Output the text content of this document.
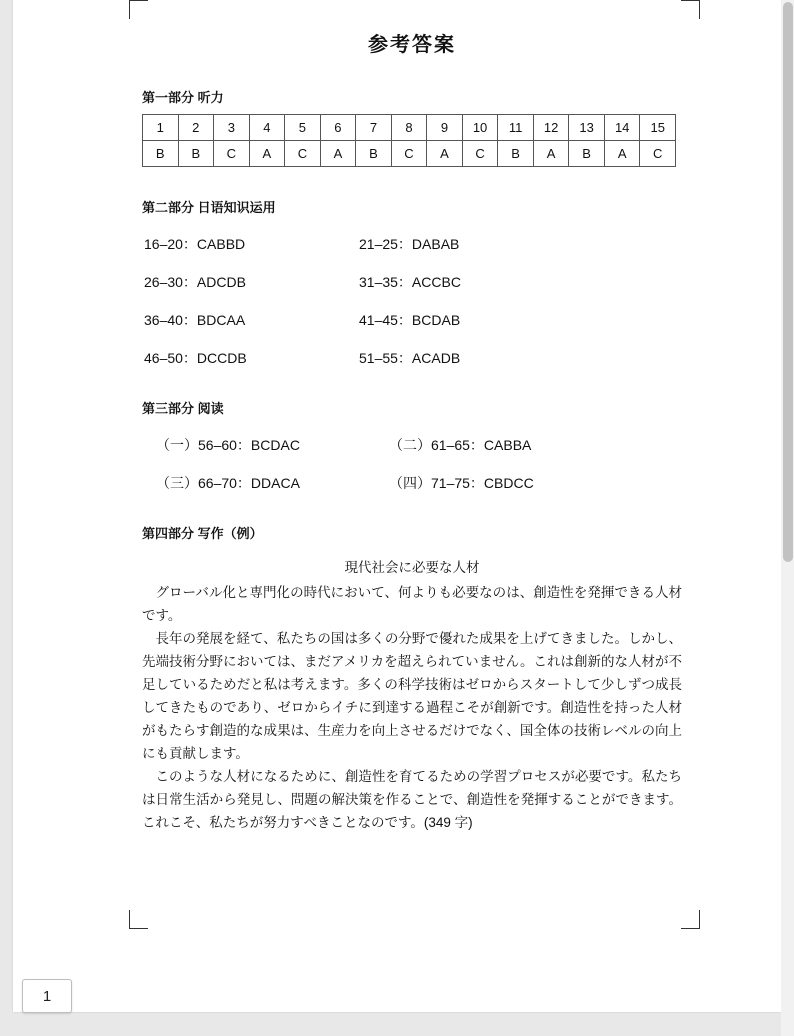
参考答案
第一部分 听力
1	2	3	4	5	6	7	8	9	10	11	12	13	14	15
B	B	C	A	C	A	B	C	A	C	B	A	B	A	C
第二部分 日语知识运用
16–20：CABBD	21–25：DABAB
26–30：ADCDB	31–35：ACCBC
36–40：BDCAA	41–45：BCDAB
46–50：DCCDB	51–55：ACADB
第三部分 阅读
（一）56–60：BCDAC	（二）61–65：CABBA
（三）66–70：DDACA	（四）71–75：CBDCC
第四部分 写作（例）
現代社会に必要な人材

グローバル化と専門化の時代において、何よりも必要なのは、創造性を発揮できる人材です。

長年の発展を経て、私たちの国は多くの分野で優れた成果を上げてきました。しかし、先端技術分野においては、まだアメリカを超えられていません。これは創新的な人材が不足しているためだと私は考えます。多くの科学技術はゼロからスタートして少しずつ成長してきたものであり、ゼロからイチに到達する過程こそが創新です。創造性を持った人材がもたらす創造的な成果は、生産力を向上させるだけでなく、国全体の技術レベルの向上にも貢献します。

このような人材になるために、創造性を育てるための学習プロセスが必要です。私たちは日常生活から発見し、問題の解決策を作ることで、創造性を発揮することができます。これこそ、私たちが努力すべきことなのです。(349 字)

1
